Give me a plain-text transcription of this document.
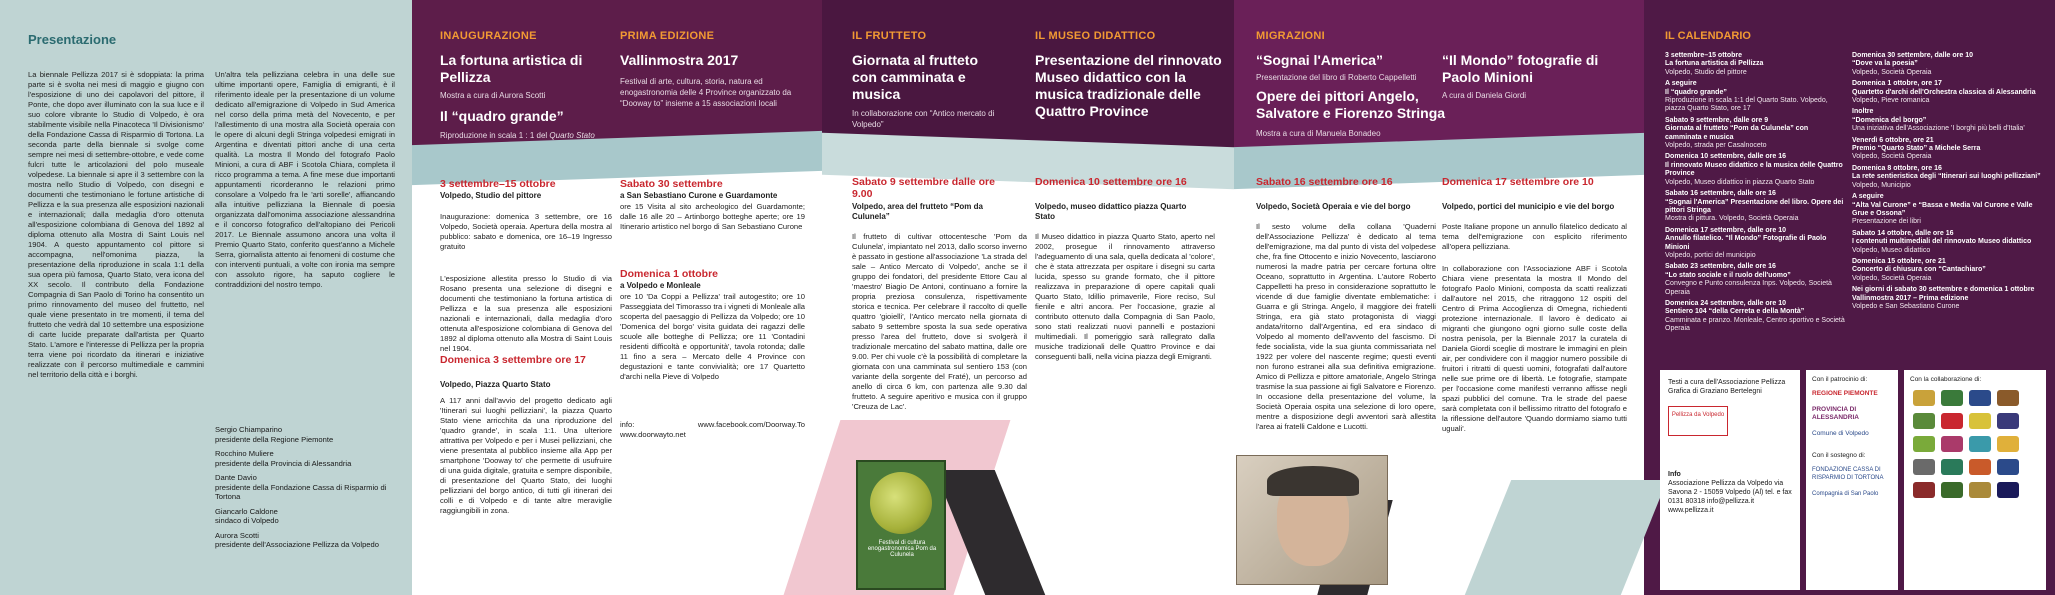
Presentazione
La biennale Pellizza 2017 si è sdoppiata: la prima parte si è svolta nei mesi di maggio e giugno con l'esposizione di uno dei capolavori del pittore, il Ponte, che dopo aver illuminato con la sua luce e il suo colore vibrante lo Studio di Volpedo, è ora stabilmente visibile nella Pinacoteca 'Il Divisionismo' della Fondazione Cassa di Risparmio di Tortona. La seconda parte della biennale si svolge come sempre nei mesi di settembre-ottobre, e vede come fulcri tutte le articolazioni del polo museale volpedese. La biennale si apre il 3 settembre con la mostra nello Studio di Volpedo, con disegni e documenti che testimoniano le fortune artistiche di Pellizza e la sua presenza alle esposizioni nazionali e internazionali; dalla medaglia d'oro ottenuta all'esposizione colombiana di Genova del 1892 al diploma ottenuto alla Mostra di Saint Louis nel 1904. A questo appuntamento col pittore si accompagna, nell'omonima piazza, la presentazione della riproduzione in scala 1:1 della sua opera più famosa, Quarto Stato, vera icona del XX secolo. Il contributo della Fondazione Compagnia di San Paolo di Torino ha consentito un primo rinnovamento del museo del fruttetto, nel quale viene presentato in tre momenti, il tema del frutteto che vedrà dal 10 settembre una esposizione di carte lucide preparate dall'artista per Quarto Stato. L'amore e l'interesse di Pellizza per la propria terra viene poi ricordato da itinerari e iniziative realizzate con il percorso multimediale e cammini nel territorio della città e i borghi.
Un'altra tela pellizziana celebra in una delle sue ultime importanti opere, Famiglia di emigranti, è il riferimento ideale per la presentazione di un volume dedicato all'emigrazione di Volpedo in Sud America nel corso della prima metà del Novecento, e per l'allestimento di una mostra alla Società operaia con le opere di alcuni degli Stringa volpedesi emigrati in Argentina e diventati pittori anche di una certa qualità. La mostra Il Mondo del fotografo Paolo Minioni, a cura di ABF i Scotola Chiara, completa il ricco programma a tema. A fine mese due importanti appuntamenti ricorderanno le relazioni primo consolare a Volpedo fra le 'arti sorelle', affiancando alla intuitive pellizziana la Biennale di poesia organizzata dall'omonima associazione alessandrina e il concorso fotografico dell'altopiano dei Pericoli 2017. Le Biennale assumono ancora una volta il Premio Quarto Stato, conferito quest'anno a Michele Serra, giornalista attento ai fenomeni di costume che con interventi puntuali, a volte con ironia ma sempre con assoluto rigore, ha saputo cogliere le contraddizioni del nostro tempo.
Sergio Chiamparino
presidente della Regione Piemonte
Rocchino Muliere
presidente della Provincia di Alessandria
Dante Davio
presidente della Fondazione Cassa di Risparmio di Tortona
Giancarlo Caldone
sindaco di Volpedo
Aurora Scotti
presidente dell'Associazione Pellizza da Volpedo
INAUGURAZIONE
La fortuna artistica di Pellizza
Mostra a cura di Aurora Scotti
Il “quadro grande”
Riproduzione in scala 1 : 1 del Quarto Stato
3 settembre–15 ottobre
Volpedo, Studio del pittore
Inaugurazione: domenica 3 settembre, ore 16 Volpedo, Società operaia. Apertura della mostra al pubblico: sabato e domenica, ore 16–19 Ingresso gratuito
L'esposizione allestita presso lo Studio di via Rosano presenta una selezione di disegni e documenti che testimoniano la fortuna artistica di Pellizza e la sua presenza alle esposizioni nazionali e internazionali, dalla medaglia d'oro ottenuta all'esposizione colombiana di Genova del 1892 al diploma ottenuto alla Mostra di Saint Louis nel 1904.
Domenica 3 settembre ore 17
Volpedo, Piazza Quarto Stato
A 117 anni dall'avvio del progetto dedicato agli 'Itinerari sui luoghi pellizziani', la piazza Quarto Stato viene arricchita da una riproduzione del 'quadro grande', in scala 1:1. Una ulteriore attrattiva per Volpedo e per i Musei pellizziani, che viene presentata al pubblico insieme alla App per smartphone 'Dooway to' che permette di usufruire di una guida digitale, gratuita e sempre disponibile, di presentazione del Quarto Stato, dei luoghi pellizziani del borgo antico, di tutti gli itinerari dei colli e di Volpedo e di tante altre meraviglie raggiungibili in zona.
PRIMA EDIZIONE
Vallinmostra 2017
Festival di arte, cultura, storia, natura ed enogastronomia delle 4 Province organizzato da “Dooway to” insieme a 15 associazioni locali
Sabato 30 settembre
a San Sebastiano Curone e Guardamonte
ore 15 Visita al sito archeologico del Guardamonte; dalle 16 alle 20 – Artinborgo botteghe aperte; ore 19 Itinerario artistico nel borgo di San Sebastiano Curone
Domenica 1 ottobre
a Volpedo e Monleale
ore 10 'Da Coppi a Pellizza' trail autogestito; ore 10 Passeggiata del Timorasso tra i vigneti di Monleale alla scoperta del paesaggio di Pellizza da Volpedo; ore 10 'Domenica del borgo' visita guidata dei ragazzi delle scuole alle botteghe di Pellizza; ore 11 'Contadini residenti difficoltà e opportunità', tavola rotonda; dalle 11 fino a sera – Mercato delle 4 Province con degustazioni e tante convivialità; ore 17 Quartetto d'archi nella Pieve di Volpedo
info: www.facebook.com/Doorway.To www.doorwayto.net
IL FRUTTETO
Giornata al frutteto con camminata e musica
In collaborazione con “Antico mercato di Volpedo”
Sabato 9 settembre dalle ore 9.00
Volpedo, area del frutteto “Pom da Culunela”
Il frutteto di cultivar ottocentesche 'Pom da Culunela', impiantato nel 2013, dallo scorso inverno è passato in gestione all'associazione 'La strada del sale – Antico Mercato di Volpedo', anche se il gruppo dei fondatori, del presidente Ettore Cau al 'maestro' Biagio De Antoni, continuano a fornire la propria preziosa consulenza, rispettivamente storica e tecnica. Per celebrare il raccolto di quelle quattro 'gioielli', l'Antico mercato nella giornata di sabato 9 settembre sposta la sua sede operativa presso l'area del frutteto, dove si svolgerà il tradizionale mercatino del sabato mattina, dalle ore 9.00. Per chi vuole c'è la possibilità di completare la giornata con una camminata sul sentiero 153 (con variante della sorgente del Fraté), un percorso ad anello di circa 6 km, con partenza alle 9.30 dal frutteto. A seguire aperitivo e musica con il gruppo 'Creuza de Lac'.
Festival di cultura enogastronomica Pom da Culunela
IL MUSEO DIDATTICO
Presentazione del rinnovato Museo didattico con la musica tradizionale delle Quattro Province
Domenica 10 settembre ore 16
Volpedo, museo didattico piazza Quarto Stato
Il Museo didattico in piazza Quarto Stato, aperto nel 2002, prosegue il rinnovamento attraverso l'adeguamento di una sala, quella dedicata al 'colore', che è stata attrezzata per ospitare i disegni su carta lucida, spesso su grande formato, che il pittore realizzava in preparazione di opere capitali quali Quarto Stato, Idillio primaverile, Fiore reciso, Sul fienile e altri ancora. Per l'occasione, grazie al contributo ottenuto dalla Compagnia di San Paolo, sono stati realizzati nuovi pannelli e postazioni multimediali. Il pomeriggio sarà rallegrato dalla musiche tradizionali delle Quattro Province e dai conseguenti balli, nella vicina piazza degli Emigranti.
MIGRAZIONI
“Sognai l'America”
Presentazione del libro di Roberto Cappelletti
Opere dei pittori Angelo, Salvatore e Fiorenzo Stringa
Mostra a cura di Manuela Bonadeo
Sabato 16 settembre ore 16
Volpedo, Società Operaia e vie del borgo
Il sesto volume della collana 'Quaderni dell'Associazione Pellizza' è dedicato al tema dell'emigrazione, ma dal punto di vista del volpedese che, fra fine Ottocento e inizio Novecento, lasciarono numerosi la madre patria per cercare fortuna oltre Oceano, soprattutto in Argentina. L'autore Roberto Cappelletti ha preso in considerazione soprattutto le vicende di due famiglie diventate emblematiche: i Guarra e gli Stringa. Angelo, il maggiore dei fratelli Stringa, era già stato protagonista di viaggi andata/ritorno dall'Argentina, ed era sindaco di Volpedo al momento dell'avvento del fascismo. Di fede socialista, vide la sua giunta commissariata nel 1922 per volere del nascente regime; questi eventi non furono estranei alla sua definitiva emigrazione. Amico di Pellizza e pittore amatoriale, Angelo Stringa trasmise la sua passione ai figli Salvatore e Fiorenzo. In occasione della presentazione del volume, la Società Operaia ospita una selezione di loro opere, mentre a disposizione degli avventori sarà allestita l'area ai fratelli Caldone e Lucotti.
“Il Mondo” fotografie di Paolo Minioni
A cura di Daniela Giordi
Domenica 17 settembre ore 10
Volpedo, portici del municipio e vie del borgo
Poste Italiane propone un annullo filatelico dedicato al tema dell'emigrazione con esplicito riferimento all'opera pellizziana.
In collaborazione con l'Associazione ABF i Scotola Chiara viene presentata la mostra Il Mondo del fotografo Paolo Minioni, composta da scatti realizzati dall'autore nel 2015, che ritraggono 12 ospiti del Centro di Prima Accoglienza di Omegna, richiedenti protezione internazionale. Il lavoro è dedicato ai migranti che giungono ogni giorno sulle coste della nostra penisola, per la Biennale 2017 la curatela di Daniela Giordi sceglie di mostrare le immagini en plein air, per condividere con il maggior numero possibile di fruitori i ritratti di questi uomini, fotografati dall'autore nelle sue prime ore di libertà. Le fotografie, stampate per l'occasione come manifesti verranno affisse negli spazi pubblici del comune. Tra le strade del paese sarà completata con il bellissimo ritratto del fotografo e la riflessione dell'autore 'Quando dormiamo siamo tutti uguali'.
IL CALENDARIO
3 settembre–15 ottobre
La fortuna artistica di Pellizza
Volpedo, Studio del pittore
A seguire
Il “quadro grande”
Riproduzione in scala 1:1 del Quarto Stato. Volpedo, piazza Quarto Stato, ore 17
Sabato 9 settembre, dalle ore 9
Giornata al frutteto “Pom da Culunela” con camminata e musica
Volpedo, strada per Casalnoceto
Domenica 10 settembre, dalle ore 16
Il rinnovato Museo didattico e la musica delle Quattro Province
Volpedo, Museo didattico in piazza Quarto Stato
Sabato 16 settembre, dalle ore 16
“Sognai l'America” Presentazione del libro. Opere dei pittori Stringa
Mostra di pittura. Volpedo, Società Operaia
Domenica 17 settembre, dalle ore 10
Annullo filatelico. “Il Mondo” Fotografie di Paolo Minioni
Volpedo, portici del municipio
Sabato 23 settembre, dalle ore 16
“Lo stato sociale e il ruolo dell'uomo”
Convegno e Punto consulenza Inps. Volpedo, Società Operaia
Domenica 24 settembre, dalle ore 10
Sentiero 104 “della Cerreta e della Montà”
Camminata e pranzo. Monleale, Centro sportivo e Società Operaia
Domenica 30 settembre, dalle ore 10
“Dove va la poesia”
Volpedo, Società Operaia
Domenica 1 ottobre, ore 17
Quartetto d'archi dell'Orchestra classica di Alessandria
Volpedo, Pieve romanica
Inoltre
“Domenica del borgo”
Una iniziativa dell'Associazione 'I borghi più belli d'Italia'
Venerdì 6 ottobre, ore 21
Premio “Quarto Stato” a Michele Serra
Volpedo, Società Operaia
Domenica 8 ottobre, ore 16
La rete sentieristica degli “Itinerari sui luoghi pellizziani”
Volpedo, Municipio
A seguire
“Alta Val Curone” e “Bassa e Media Val Curone e Valle Grue e Ossona”
Presentazione dei libri
Sabato 14 ottobre, dalle ore 16
I contenuti multimediali del rinnovato Museo didattico
Volpedo, Museo didattico
Domenica 15 ottobre, ore 21
Concerto di chiusura con “Cantachiaro”
Volpedo, Società Operaia
Nei giorni di sabato 30 settembre e domenica 1 ottobre
Vallinmostra 2017 – Prima edizione
Volpedo e San Sebastiano Curone
Testi a cura dell'Associazione Pellizza Grafica di Graziano Bertelegni
Pellizza da Volpedo
Info
Associazione Pellizza da Volpedo via Savona 2 - 15059 Volpedo (Al) tel. e fax 0131 80318 info@pellizza.it www.pellizza.it
Con il patrocinio di:
REGIONE PIEMONTE
PROVINCIA DI ALESSANDRIA
Comune di Volpedo
Con il sostegno di:
FONDAZIONE CASSA DI RISPARMIO DI TORTONA
Compagnia di San Paolo
Con la collaborazione di:
